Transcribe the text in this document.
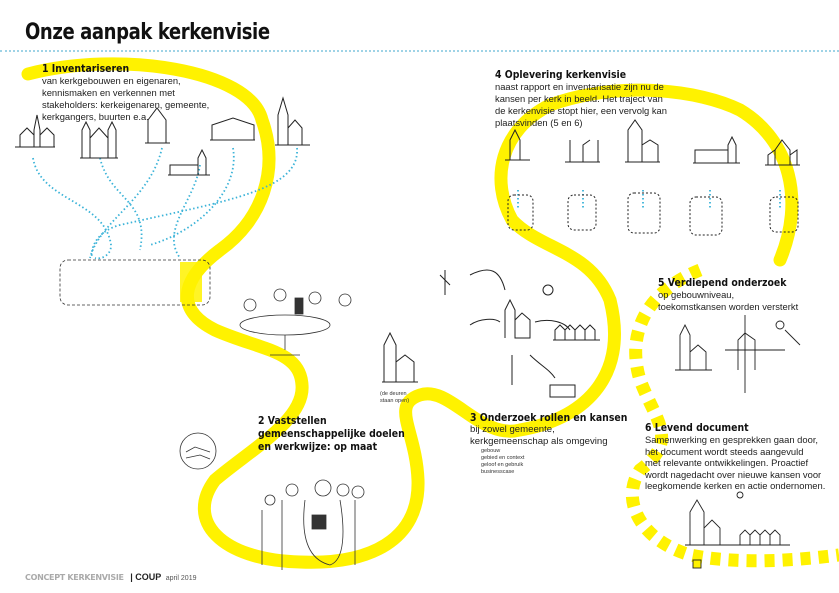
Onze aanpak kerkenvisie
1 Inventariseren

van kerkgebouwen en eigenaren,

kennismaken en verkennen met

stakeholders: kerkeigenaren, gemeente,

kerkgangers, buurten e.a.

2 Vaststellen gemeenschappelijke doelen en werkwijze: op maat
(de deuren
staan open)
3 Onderzoek rollen en kansen

bij zowel gemeente,

kerkgemeenschap als omgeving

gebouw
gebied en context
geloof en gebruik
businesscase
4 Oplevering kerkenvisie

naast rapport en inventarisatie zijn nu de

kansen per kerk in beeld. Het traject van

de kerkenvisie stopt hier, een vervolg kan

plaatsvinden (5 en 6)

5 Verdiepend onderzoek

op gebouwniveau,

toekomstkansen worden versterkt

6 Levend document

Samenwerking en gesprekken gaan door,

het document wordt steeds aangevuld

met relevante ontwikkelingen. Proactief

wordt nagedacht over nieuwe kansen voor

leegkomende kerken en actie ondernomen.

CONCEPT KERKENVISIE | COUP april 2019
